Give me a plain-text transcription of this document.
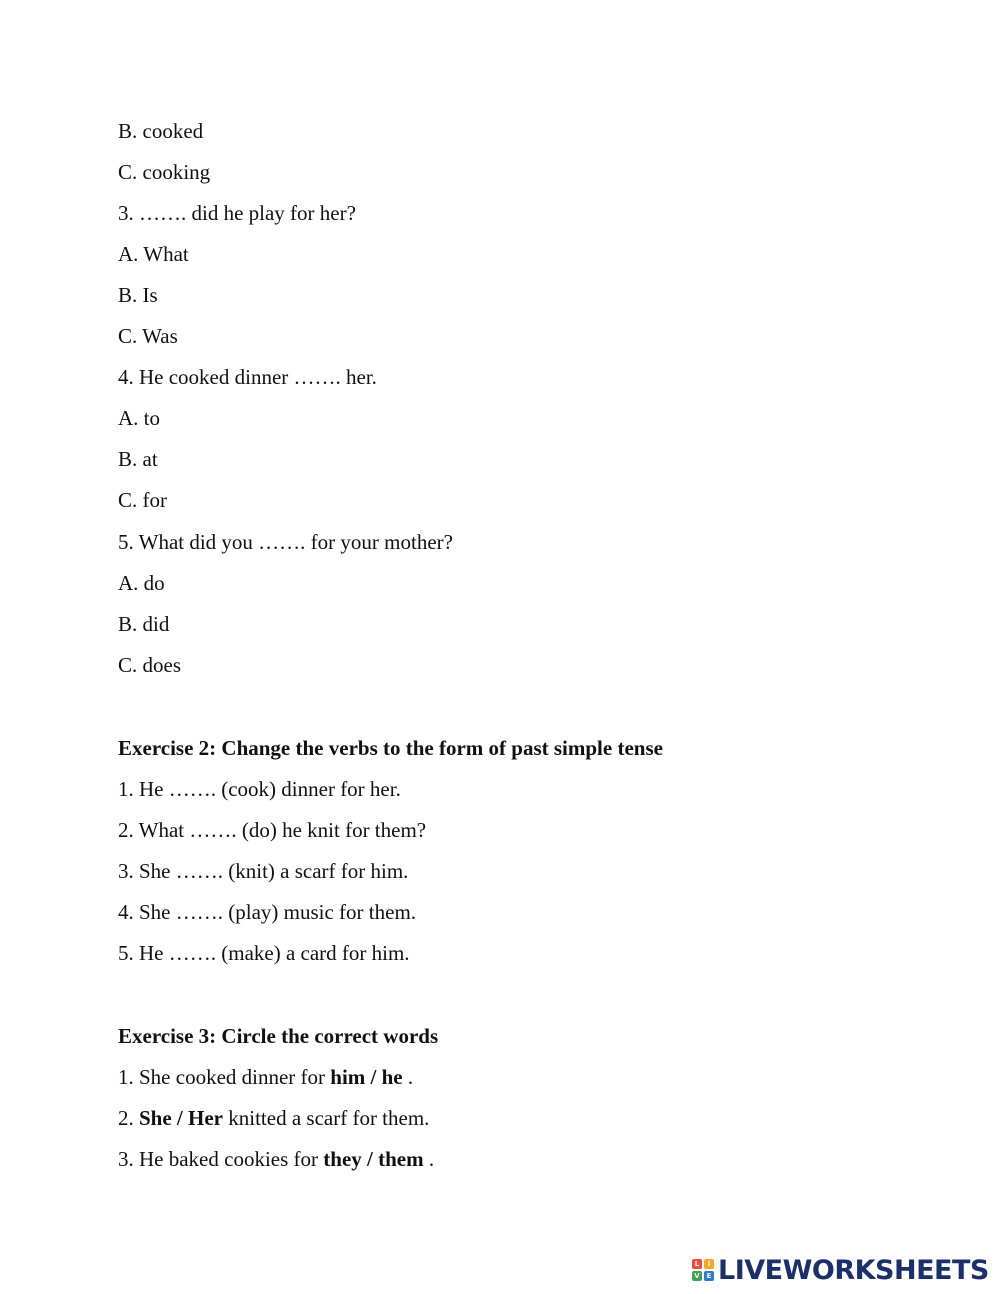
B. cooked
C. cooking
3. ……. did he play for her?
A. What
B. Is
C. Was
4. He cooked dinner ……. her.
A. to
B. at
C. for
5. What did you ……. for your mother?
A. do
B. did
C. does
Exercise 2: Change the verbs to the form of past simple tense
1. He ……. (cook) dinner for her.
2. What ……. (do) he knit for them?
3. She ……. (knit) a scarf for him.
4. She ……. (play) music for them.
5. He ……. (make) a card for him.
Exercise 3: Circle the correct words
1. She cooked dinner for him / he .
2. She / Her knitted a scarf for them.
3. He baked cookies for they / them .
L	I
V E LIVEWORKSHEETS
